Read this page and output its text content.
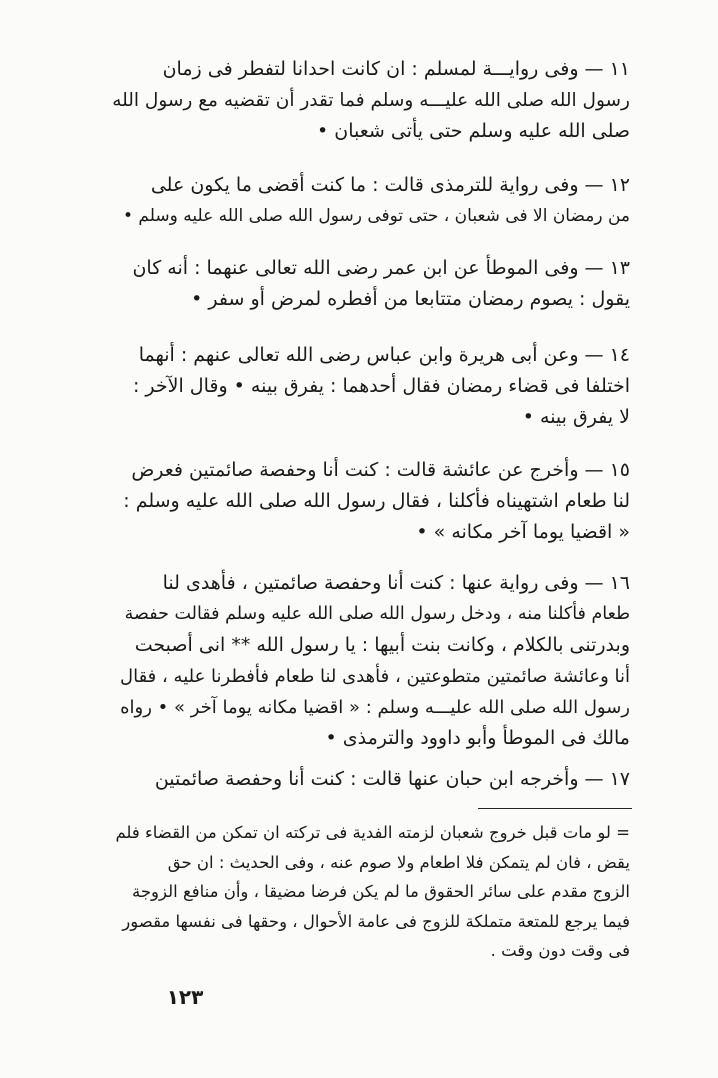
١١ — وفى روايـــة لمسلم : ان كانت احدانا لتفطر فى زمان
رسول الله صلى الله عليـــه وسلم فما تقدر أن تقضيه مع رسول الله
صلى الله عليه وسلم حتى يأتى شعبان •
١٢ — وفى رواية للترمذى قالت : ما كنت أقضى ما يكون على
من رمضان الا فى شعبان ، حتى توفى رسول الله صلى الله عليه وسلم •
١٣ — وفى الموطأ عن ابن عمر رضى الله تعالى عنهما : أنه كان
يقول : يصوم رمضان متتابعا من أفطره لمرض أو سفر •
١٤ — وعن أبى هريرة وابن عباس رضى الله تعالى عنهم : أنهما
اختلفا فى قضاء رمضان فقال أحدهما : يفرق بينه • وقال الآخر :
لا يفرق بينه •
١٥ — وأخرج عن عائشة قالت : كنت أنا وحفصة صائمتين فعرض
لنا طعام اشتهيناه فأكلنا ، فقال رسول الله صلى الله عليه وسلم :
« اقضيا يوما آخر مكانه » •
١٦ — وفى رواية عنها : كنت أنا وحفصة صائمتين ، فأهدى لنا
طعام فأكلنا منه ، ودخل رسول الله صلى الله عليه وسلم فقالت حفصة
وبدرتنى بالكلام ، وكانت بنت أبيها : يا رسول الله ** انى أصبحت
أنا وعائشة صائمتين متطوعتين ، فأهدى لنا طعام فأفطرنا عليه ، فقال
رسول الله صلى الله عليـــه وسلم : « اقضيا مكانه يوما آخر » • رواه
مالك فى الموطأ وأبو داوود والترمذى •
١٧ — وأخرجه ابن حبان عنها قالت : كنت أنا وحفصة صائمتين
= لو مات قبل خروج شعبان لزمته الفدية فى تركته ان تمكن من القضاء فلم
يقض ، فان لم يتمكن فلا اطعام ولا صوم عنه ، وفى الحديث : ان حق
الزوج مقدم على سائر الحقوق ما لم يكن فرضا مضيقا ، وأن منافع الزوجة
فيما يرجع للمتعة متملكة للزوج فى عامة الأحوال ، وحقها فى نفسها مقصور
فى وقت دون وقت .
١٢٣
